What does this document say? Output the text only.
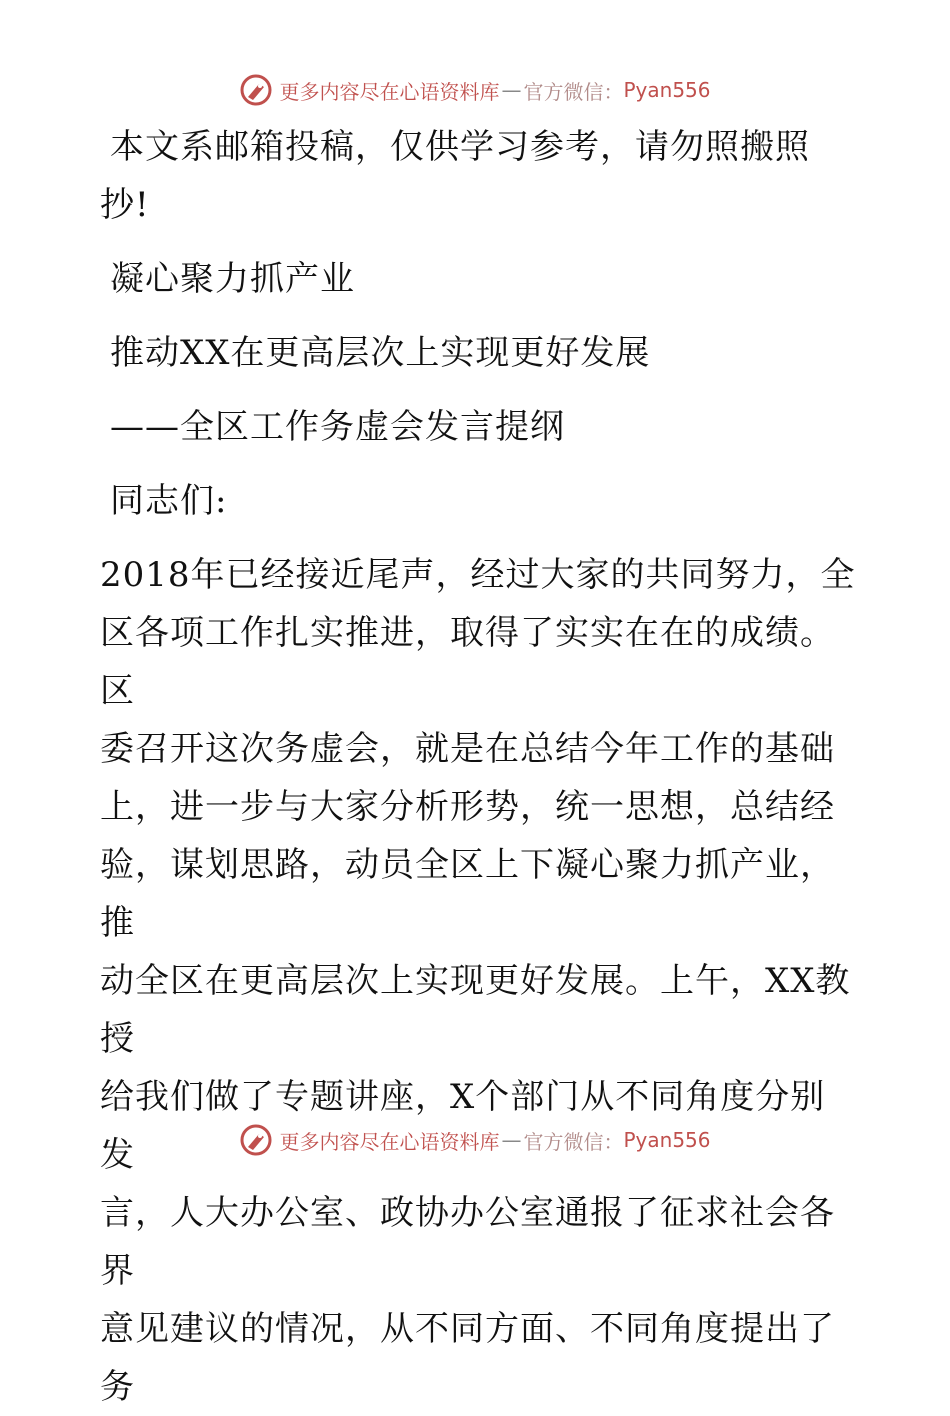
更多内容尽在心语资料库 — 官方微信： Pyan556

本文系邮箱投稿，仅供学习参考，请勿照搬照

抄!

凝心聚力抓产业

推动XX在更高层次上实现更好发展

——全区工作务虚会发言提纲

同志们:

2018年已经接近尾声，经过大家的共同努力，全

区各项工作扎实推进，取得了实实在在的成绩。区

委召开这次务虚会，就是在总结今年工作的基础

上，进一步与大家分析形势，统一思想，总结经

验，谋划思路，动员全区上下凝心聚力抓产业，推

动全区在更高层次上实现更好发展。上午，XX教授

给我们做了专题讲座，X个部门从不同角度分别发

言，人大办公室、政协办公室通报了征求社会各界

意见建议的情况，从不同方面、不同角度提出了务

更多内容尽在心语资料库 — 官方微信： Pyan556
